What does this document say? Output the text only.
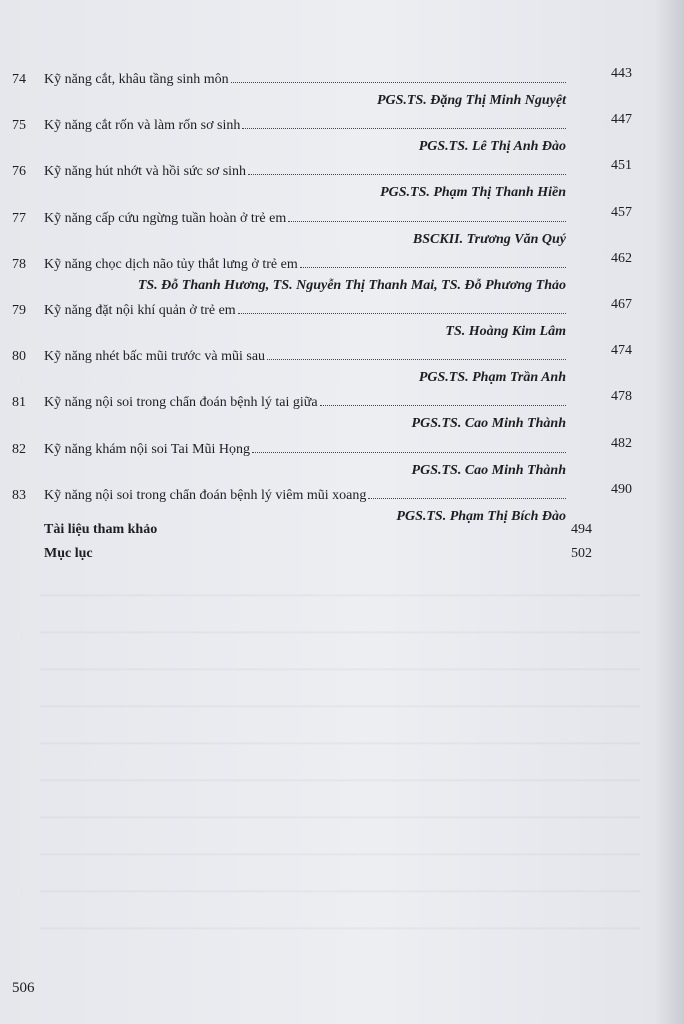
74 Kỹ năng cắt, khâu tầng sinh môn	443
PGS.TS. Đặng Thị Minh Nguyệt
75 Kỹ năng cắt rốn và làm rốn sơ sinh	447
PGS.TS. Lê Thị Anh Đào
76 Kỹ năng hút nhớt và hồi sức sơ sinh	451
PGS.TS. Phạm Thị Thanh Hiền
77 Kỹ năng cấp cứu ngừng tuần hoàn ở trẻ em	457
BSCKII. Trương Văn Quý
78 Kỹ năng chọc dịch não tủy thắt lưng ở trẻ em	462
TS. Đỗ Thanh Hương, TS. Nguyễn Thị Thanh Mai, TS. Đỗ Phương Thảo
79 Kỹ năng đặt nội khí quản ở trẻ em	467
TS. Hoàng Kim Lâm
80 Kỹ năng nhét bấc mũi trước và mũi sau	474
PGS.TS. Phạm Trần Anh
81 Kỹ năng nội soi trong chẩn đoán bệnh lý tai giữa	478
PGS.TS. Cao Minh Thành
82 Kỹ năng khám nội soi Tai Mũi Họng	482
PGS.TS. Cao Minh Thành
83 Kỹ năng nội soi trong chẩn đoán bệnh lý viêm mũi xoang	490
PGS.TS. Phạm Thị Bích Đào
Tài liệu tham khảo	494
Mục lục	502
506
